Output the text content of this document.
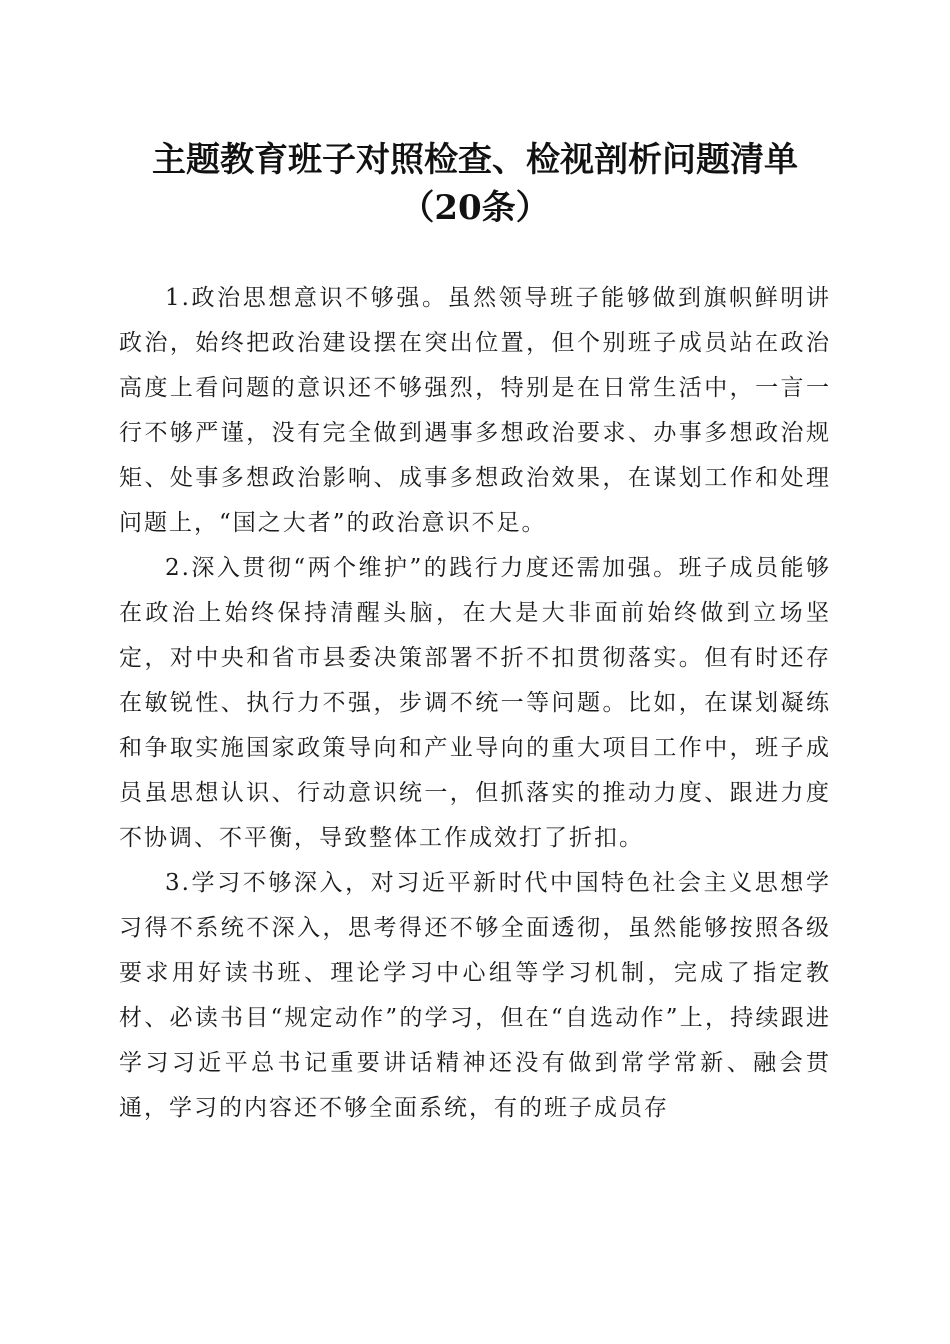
主题教育班子对照检查、检视剖析问题清单
（20条）

1.政治思想意识不够强。虽然领导班子能够做到旗帜鲜明讲政治，始终把政治建设摆在突出位置，但个别班子成员站在政治高度上看问题的意识还不够强烈，特别是在日常生活中，一言一行不够严谨，没有完全做到遇事多想政治要求、办事多想政治规矩、处事多想政治影响、成事多想政治效果，在谋划工作和处理问题上，“国之大者”的政治意识不足。

2.深入贯彻“两个维护”的践行力度还需加强。班子成员能够在政治上始终保持清醒头脑，在大是大非面前始终做到立场坚定，对中央和省市县委决策部署不折不扣贯彻落实。但有时还存在敏锐性、执行力不强，步调不统一等问题。比如，在谋划凝练和争取实施国家政策导向和产业导向的重大项目工作中，班子成员虽思想认识、行动意识统一，但抓落实的推动力度、跟进力度不协调、不平衡，导致整体工作成效打了折扣。

3.学习不够深入，对习近平新时代中国特色社会主义思想学习得不系统不深入，思考得还不够全面透彻，虽然能够按照各级要求用好读书班、理论学习中心组等学习机制，完成了指定教材、必读书目“规定动作”的学习，但在“自选动作”上，持续跟进学习习近平总书记重要讲话精神还没有做到常学常新、融会贯通，学习的内容还不够全面系统，有的班子成员存
